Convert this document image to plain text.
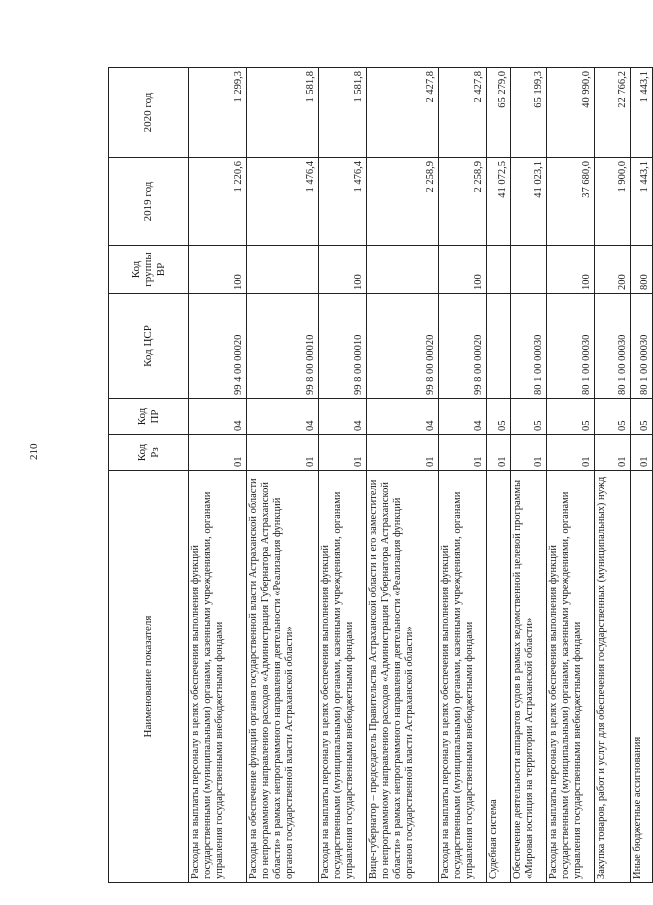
210
Наименование показателя	Код Рз	Код ПР	Код ЦСР	Код группы ВР	2019 год	2020 год
Расходы на выплаты персоналу в целях обеспечения выполнения функций государственными (муниципальными) органами, казенными учреждениями, органами управления государственными внебюджетными фондами	01	04	99 4 00 00020	100	1 220,6	1 299,3
Расходы на обеспечение функций органов государственной власти Астраханской области по непрограммному направлению расходов «Администрация Губернатора Астраханской области» в рамках непрограммного направления деятельности «Реализация функций органов государственной власти Астраханской области»	01	04	99 8 00 00010		1 476,4	1 581,8
Расходы на выплаты персоналу в целях обеспечения выполнения функций государственными (муниципальными) органами, казенными учреждениями, органами управления государственными внебюджетными фондами	01	04	99 8 00 00010	100	1 476,4	1 581,8
Вице-губернатор – председатель Правительства Астраханской области и его заместители по непрограммному направлению расходов «Администрация Губернатора Астраханской области» в рамках непрограммного направления деятельности «Реализация функций органов государственной власти Астраханской области»	01	04	99 8 00 00020		2 258,9	2 427,8
Расходы на выплаты персоналу в целях обеспечения выполнения функций государственными (муниципальными) органами, казенными учреждениями, органами управления государственными внебюджетными фондами	01	04	99 8 00 00020	100	2 258,9	2 427,8
Судебная система	01	05			41 072,5	65 279,0
Обеспечение деятельности аппаратов судов в рамках ведомственной целевой программы «Мировая юстиция на территории Астраханской области»	01	05	80 1 00 00030		41 023,1	65 199,3
Расходы на выплаты персоналу в целях обеспечения выполнения функций государственными (муниципальными) органами, казенными учреждениями, органами управления государственными внебюджетными фондами	01	05	80 1 00 00030	100	37 680,0	40 990,0
Закупка товаров, работ и услуг для обеспечения государственных (муниципальных) нужд	01	05	80 1 00 00030	200	1 900,0	22 766,2
Иные бюджетные ассигнования	01	05	80 1 00 00030	800	1 443,1	1 443,1
